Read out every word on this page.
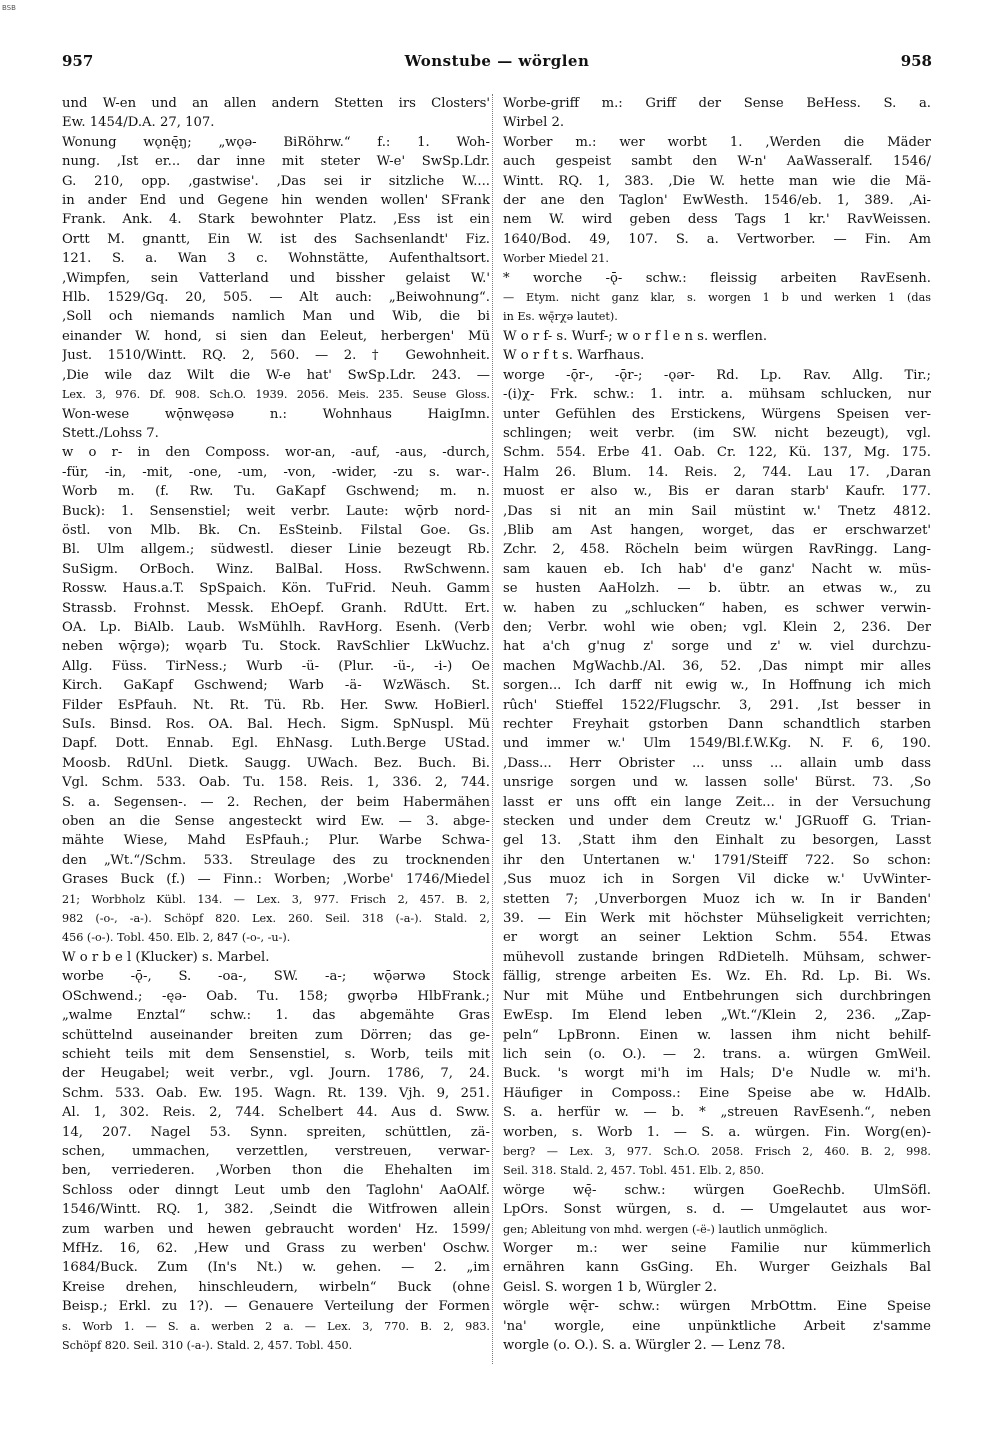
BSB
957	Wonstube — wörglen	958
und W-en und an allen andern Stetten irs Closters'
Ew. 1454/D.A. 27, 107.
Wonung wǫnę̄ŋ; „wǫə- BiRöhrw.“ f.: 1. Woh-
nung. ‚Ist er... dar inne mit steter W-e' SwSp.Ldr.
G. 210, opp. ‚gastwise'. ‚Das sei ir sitzliche W....
in ander End und Gegene hin wenden wollen' SFrank
Frank. Ank. 4. Stark bewohnter Platz. ‚Ess ist ein
Ortt M. gnantt, Ein W. ist des Sachsenlandt' Fiz.
121. S. a. Wan 3 c. Wohnstätte, Aufenthaltsort.
‚Wimpfen, sein Vatterland und bissher gelaist W.'
Hlb. 1529/Gq. 20, 505. — Alt auch: „Beiwohnung“.
‚Soll och niemands namlich Man und Wib, die bi
einander W. hond, si sien dan Eeleut, herbergen' Mü
Just. 1510/Wintt. RQ. 2, 560. — 2. † Gewohnheit.
‚Die wile daz Wilt die W-e hat' SwSp.Ldr. 243. —
Lex. 3, 976. Df. 908. Sch.O. 1939. 2056. Meis. 235. Seuse Gloss.
Won-wese wǭnwęəsə n.: Wohnhaus HaigImn.
Stett./Lohss 7.
w o r- in den Composs. wor-an, -auf, -aus, -durch,
-für, -in, -mit, -one, -um, -von, -wider, -zu s. war-.
Worb m. (f. Rw. Tu. GaKapf Gschwend; m. n.
Buck): 1. Sensenstiel; weit verbr. Laute: wǭrb nord-
östl. von Mlb. Bk. Cn. EsSteinb. Filstal Goe. Gs.
Bl. Ulm allgem.; südwestl. dieser Linie bezeugt Rb.
SuSigm. OrBoch. Winz. BalBal. Hoss. RwSchwenn.
Rossw. Haus.a.T. SpSpaich. Kön. TuFrid. Neuh. Gamm
Strassb. Frohnst. Messk. EhOepf. Granh. RdUtt. Ert.
OA. Lp. BiAlb. Laub. WsMühlh. RavHorg. Esenh. (Verb
neben wǭrgə); wǫarb Tu. Stock. RavSchlier LkWuchz.
Allg. Füss. TirNess.; Wurb -ü- (Plur. -ü-, -i-) Oe
Kirch. GaKapf Gschwend; Warb -ä- WzWäsch. St.
Filder EsPfauh. Nt. Rt. Tü. Rb. Her. Sww. HoBierl.
SuIs. Binsd. Ros. OA. Bal. Hech. Sigm. SpNuspl. Mü
Dapf. Dott. Ennab. Egl. EhNasg. Luth.Berge UStad.
Moosb. RdUnl. Dietk. Saugg. UWach. Bez. Buch. Bi.
Vgl. Schm. 533. Oab. Tu. 158. Reis. 1, 336. 2, 744.
S. a. Segensen-. — 2. Rechen, der beim Habermähen
oben an die Sense angesteckt wird Ew. — 3. abge-
mähte Wiese, Mahd EsPfauh.; Plur. Warbe Schwa-
den „Wt.“/Schm. 533. Streulage des zu trocknenden
Grases Buck (f.) — Finn.: Worben; ‚Worbe' 1746/Miedel
21; Worbholz Kübl. 134. — Lex. 3, 977. Frisch 2, 457. B. 2,
982 (-o-, -a-). Schöpf 820. Lex. 260. Seil. 318 (-a-). Stald. 2,
456 (-o-). Tobl. 450. Elb. 2, 847 (-o-, -u-).
W o r b e l (Klucker) s. Marbel.
worbe -ǭ-, S. -oa-, SW. -a-; wǭərwə Stock
OSchwend.; -ęə- Oab. Tu. 158; gwǫrbə HlbFrank.;
„walme Enztal“ schw.: 1. das abgemähte Gras
schüttelnd auseinander breiten zum Dörren; das ge-
schieht teils mit dem Sensenstiel, s. Worb, teils mit
der Heugabel; weit verbr., vgl. Journ. 1786, 7, 24.
Schm. 533. Oab. Ew. 195. Wagn. Rt. 139. Vjh. 9, 251.
Al. 1, 302. Reis. 2, 744. Schelbert 44. Aus d. Sww.
14, 207. Nagel 53. Synn. spreiten, schüttlen, zä-
schen, ummachen, verzettlen, verstreuen, verwar-
ben, verriederen. ‚Worben thon die Ehehalten im
Schloss oder dinngt Leut umb den Taglohn' AaOAlf.
1546/Wintt. RQ. 1, 382. ‚Seindt die Witfrowen allein
zum warben und hewen gebraucht worden' Hz. 1599/
MfHz. 16, 62. ‚Hew und Grass zu werben' Oschw.
1684/Buck. Zum (In's Nt.) w. gehen. — 2. „im
Kreise drehen, hinschleudern, wirbeln“ Buck (ohne
Beisp.; Erkl. zu 1?). — Genauere Verteilung der Formen
s. Worb 1. — S. a. werben 2 a. — Lex. 3, 770. B. 2, 983.
Schöpf 820. Seil. 310 (-a-). Stald. 2, 457. Tobl. 450.
Worbe-griff m.: Griff der Sense BeHess. S. a.
Wirbel 2.
Worber m.: wer worbt 1. ‚Werden die Mäder
auch gespeist sambt den W-n' AaWasseralf. 1546/
Wintt. RQ. 1, 383. ‚Die W. hette man wie die Mä-
der ane den Taglon' EwWesth. 1546/eb. 1, 389. ‚Ai-
nem W. wird geben dess Tags 1 kr.' RavWeissen.
1640/Bod. 49, 107. S. a. Vertworber. — Fin. Am
Worber Miedel 21.
* worche -ǭ- schw.: fleissig arbeiten RavEsenh.
— Etym. nicht ganz klar, s. worgen 1 b und werken 1 (das
in Es. wę̄rχə lautet).
W o r f- s. Wurf-; w o r f l e n s. werflen.
W o r f t s. Warfhaus.
worge -ǭr-, -ǭr-; -ǫər- Rd. Lp. Rav. Allg. Tir.;
-(i)χ- Frk. schw.: 1. intr. a. mühsam schlucken, nur
unter Gefühlen des Erstickens, Würgens Speisen ver-
schlingen; weit verbr. (im SW. nicht bezeugt), vgl.
Schm. 554. Erbe 41. Oab. Cr. 122, Kü. 137, Mg. 175.
Halm 26. Blum. 14. Reis. 2, 744. Lau 17. ‚Daran
muost er also w., Bis er daran starb' Kaufr. 177.
‚Das si nit an min Sail müstint w.' Tnetz 4812.
‚Blib am Ast hangen, worget, das er erschwarzet'
Zchr. 2, 458. Röcheln beim würgen RavRingg. Lang-
sam kauen eb. Ich hab' d'e ganz' Nacht w. müs-
se husten AaHolzh. — b. übtr. an etwas w., zu
w. haben zu „schlucken“ haben, es schwer verwin-
den; Verbr. wohl wie oben; vgl. Klein 2, 236. Der
hat a'ch g'nug z' sorge und z' w. viel durchzu-
machen MgWachb./Al. 36, 52. ‚Das nimpt mir alles
sorgen... Ich darff nit ewig w., In Hoffnung ich mich
rûch' Stieffel 1522/Flugschr. 3, 291. ‚Ist besser in
rechter Freyhait gstorben Dann schandtlich starben
und immer w.' Ulm 1549/Bl.f.W.Kg. N. F. 6, 190.
‚Dass... Herr Obrister ... unss ... allain umb dass
unsrige sorgen und w. lassen solle' Bürst. 73. ‚So
lasst er uns offt ein lange Zeit... in der Versuchung
stecken und under dem Creutz w.' JGRuoff G. Trian-
gel 13. ‚Statt ihm den Einhalt zu besorgen, Lasst
ihr den Untertanen w.' 1791/Steiff 722. So schon:
‚Sus muoz ich in Sorgen Vil dicke w.' UvWinter-
stetten 7; ‚Unverborgen Muoz ich w. In ir Banden'
39. — Ein Werk mit höchster Mühseligkeit verrichten;
er worgt an seiner Lektion Schm. 554. Etwas
mühevoll zustande bringen RdDietelh. Mühsam, schwer-
fällig, strenge arbeiten Es. Wz. Eh. Rd. Lp. Bi. Ws.
Nur mit Mühe und Entbehrungen sich durchbringen
EwEsp. Im Elend leben „Wt.“/Klein 2, 236. „Zap-
peln“ LpBronn. Einen w. lassen ihm nicht behilf-
lich sein (o. O.). — 2. trans. a. würgen GmWeil.
Buck. 's worgt mi'h im Hals; D'e Nudle w. mi'h.
Häufiger in Composs.: Eine Speise abe w. HdAlb.
S. a. herfür w. — b. * „streuen RavEsenh.“, neben
worben, s. Worb 1. — S. a. würgen. Fin. Worg(en)-
berg? — Lex. 3, 977. Sch.O. 2058. Frisch 2, 460. B. 2, 998.
Seil. 318. Stald. 2, 457. Tobl. 451. Elb. 2, 850.
wörge wę̄- schw.: würgen GoeRechb. UlmSöfl.
LpOrs. Sonst würgen, s. d. — Umgelautet aus wor-
gen; Ableitung von mhd. wergen (-ë-) lautlich unmöglich.
Worger m.: wer seine Familie nur kümmerlich
ernähren kann GsGing. Eh. Wurger Geizhals Bal
Geisl. S. worgen 1 b, Würgler 2.
wörgle wę̄r- schw.: würgen MrbOttm. Eine Speise
'na' worgle, eine unpünktliche Arbeit z'samme
worgle (o. O.). S. a. Würgler 2. — Lenz 78.
